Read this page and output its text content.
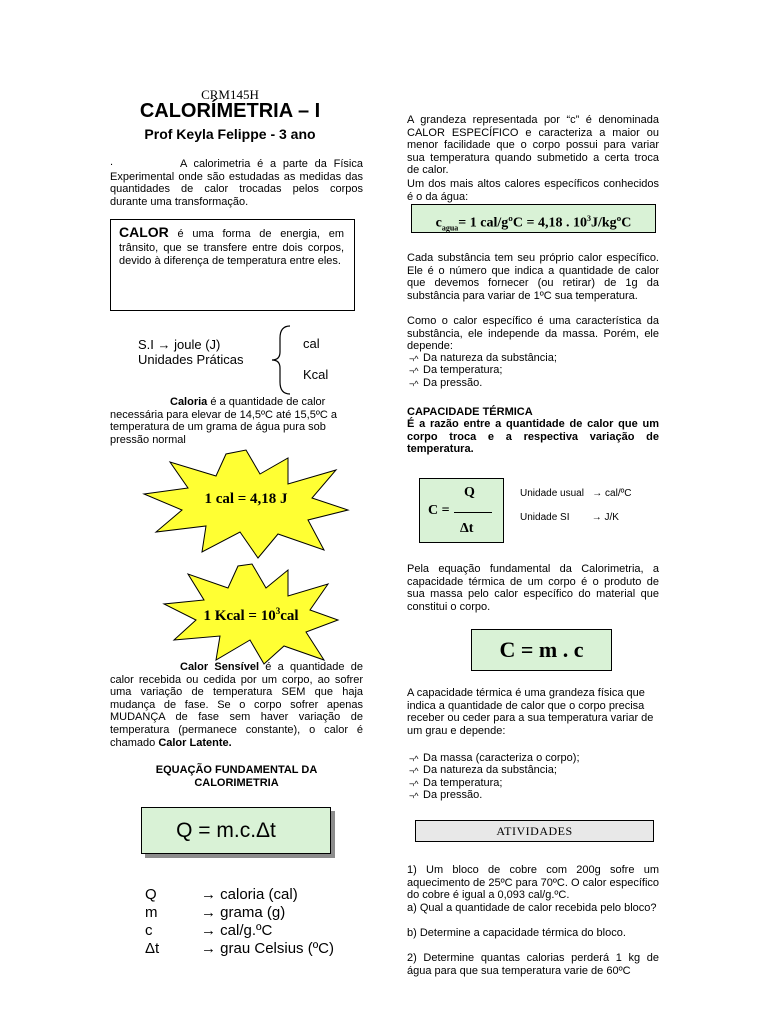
CRM145H
CALORÍMETRIA – I
Prof Keyla Felippe - 3 ano
.	A calorimetria é a parte da Física Experimental onde são estudadas as medidas das quantidades de calor trocadas pelos corpos durante uma transformação.

CALOR é uma forma de energia, em trânsito, que se transfere entre dois corpos, devido à diferença de temperatura entre eles.

S.I → joule (J)
Unidades Práticas
cal
Kcal

Caloria é a quantidade de calor necessária para elevar de 14,5ºC até 15,5ºC a temperatura de um grama de água pura sob pressão normal

1 cal = 4,18 J
1 Kcal = $10^3cal$

Calor Sensível é a quantidade de calor recebida ou cedida por um corpo, ao sofrer uma variação de temperatura SEM que haja mudança de fase. Se o corpo sofrer apenas MUDANÇA de fase sem haver variação de temperatura (permanece constante), o calor é chamado Calor Latente.

EQUAÇÃO FUNDAMENTAL DA
CALORIMETRIA
Q = m.c.Δt
Q	→ caloria (cal)
m	→ grama (g)
c	→ cal/g.ºC
Δt	→ grau Celsius (ºC)

A grandeza representada por “c” é denominada CALOR ESPECÍFICO e caracteriza a maior ou menor facilidade que o corpo possui para variar sua temperatura quando submetido a certa troca de calor.

Um dos mais altos calores específicos conhecidos é o da água:

$c_{agua}= 1$ cal/gºC = 4,18 . $10^3J$/kgºC

Cada substância tem seu próprio calor específico. Ele é o número que indica a quantidade de calor que devemos fornecer (ou retirar) de 1g da substância para variar de 1ºC sua temperatura.

Como o calor específico é uma característica da substância, ele independe da massa. Porém, ele depende:

¬^ Da natureza da substância;
¬^ Da temperatura;
¬^ Da pressão.
CAPACIDADE TÉRMICA

É a razão entre a quantidade de calor que um corpo troca e a respectiva variação de temperatura.

C =
Q
Δt
Unidade usual   → cal/ºC
Unidade SI        → J/K

Pela equação fundamental da Calorimetria, a capacidade térmica de um corpo é o produto de sua massa pelo calor específico do material que constitui o corpo.

C = m . c

A capacidade térmica é uma grandeza física que indica a quantidade de calor que o corpo precisa receber ou ceder para a sua temperatura variar de um grau e depende:

¬^ Da massa (caracteriza o corpo);
¬^ Da natureza da substância;
¬^ Da temperatura;
¬^ Da pressão.
ATIVIDADES

1) Um bloco de cobre com 200g sofre um aquecimento de 25ºC para 70ºC. O calor específico do cobre é igual a 0,093 cal/g.ºC.

a) Qual a quantidade de calor recebida pelo bloco?

b) Determine a capacidade térmica do bloco.

2) Determine quantas calorias perderá 1 kg de água para que sua temperatura varie de 60ºC
